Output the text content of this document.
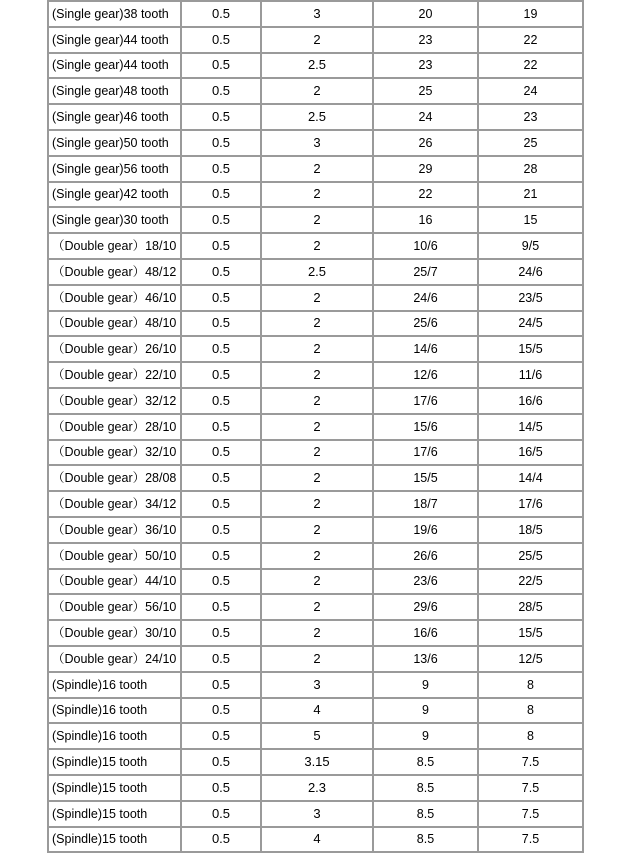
(Single gear)38 tooth	0.5	3	20	19
(Single gear)44 tooth	0.5	2	23	22
(Single gear)44 tooth	0.5	2.5	23	22
(Single gear)48 tooth	0.5	2	25	24
(Single gear)46 tooth	0.5	2.5	24	23
(Single gear)50 tooth	0.5	3	26	25
(Single gear)56 tooth	0.5	2	29	28
(Single gear)42 tooth	0.5	2	22	21
(Single gear)30 tooth	0.5	2	16	15
（Double gear）18/10	0.5	2	10/6	9/5
（Double gear）48/12	0.5	2.5	25/7	24/6
（Double gear）46/10	0.5	2	24/6	23/5
（Double gear）48/10	0.5	2	25/6	24/5
（Double gear）26/10	0.5	2	14/6	15/5
（Double gear）22/10	0.5	2	12/6	11/6
（Double gear）32/12	0.5	2	17/6	16/6
（Double gear）28/10	0.5	2	15/6	14/5
（Double gear）32/10	0.5	2	17/6	16/5
（Double gear）28/08	0.5	2	15/5	14/4
（Double gear）34/12	0.5	2	18/7	17/6
（Double gear）36/10	0.5	2	19/6	18/5
（Double gear）50/10	0.5	2	26/6	25/5
（Double gear）44/10	0.5	2	23/6	22/5
（Double gear）56/10	0.5	2	29/6	28/5
（Double gear）30/10	0.5	2	16/6	15/5
（Double gear）24/10	0.5	2	13/6	12/5
(Spindle)16 tooth	0.5	3	9	8
(Spindle)16 tooth	0.5	4	9	8
(Spindle)16 tooth	0.5	5	9	8
(Spindle)15 tooth	0.5	3.15	8.5	7.5
(Spindle)15 tooth	0.5	2.3	8.5	7.5
(Spindle)15 tooth	0.5	3	8.5	7.5
(Spindle)15 tooth	0.5	4	8.5	7.5
